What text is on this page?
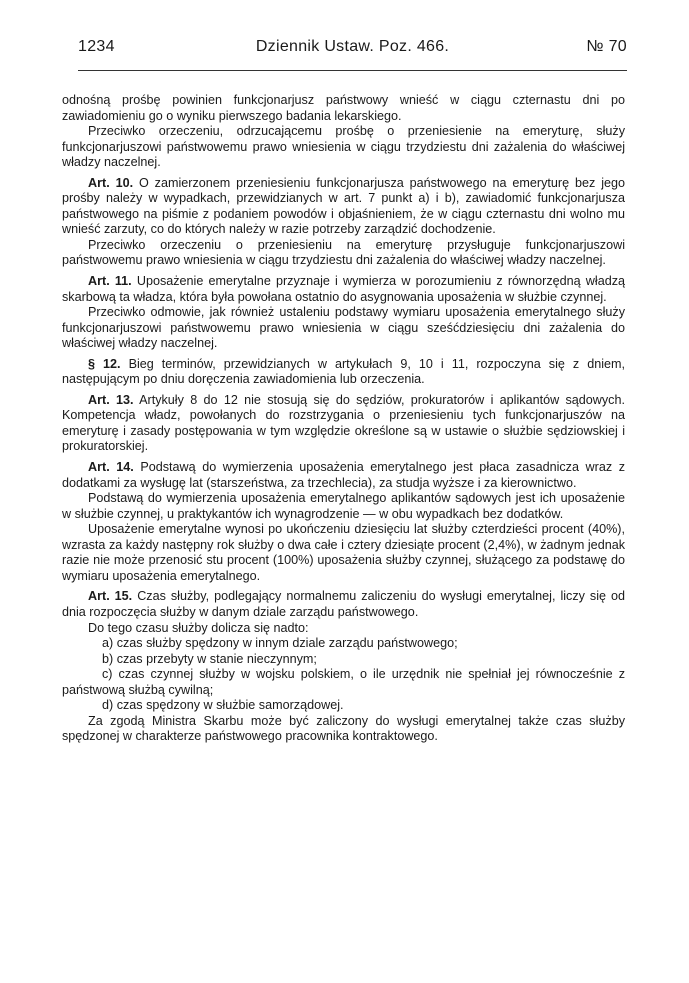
1234	Dziennik Ustaw. Poz. 466.	№ 70

odnośną prośbę powinien funkcjonarjusz państwowy wnieść w ciągu czternastu dni po zawiadomieniu go o wyniku pierwszego badania lekarskiego.

Przeciwko orzeczeniu, odrzucającemu prośbę o przeniesienie na emeryturę, służy funkcjonarjuszowi państwowemu prawo wniesienia w ciągu trzydziestu dni zażalenia do właściwej władzy naczelnej.

Art. 10. O zamierzonem przeniesieniu funkcjonarjusza państwowego na emeryturę bez jego prośby należy w wypadkach, przewidzianych w art. 7 punkt a) i b), zawiadomić funkcjonarjusza państwowego na piśmie z podaniem powodów i objaśnieniem, że w ciągu czternastu dni wolno mu wnieść zarzuty, co do których należy w razie potrzeby zarządzić dochodzenie.

Przeciwko orzeczeniu o przeniesieniu na emeryturę przysługuje funkcjonarjuszowi państwowemu prawo wniesienia w ciągu trzydziestu dni zażalenia do właściwej władzy naczelnej.

Art. 11. Uposażenie emerytalne przyznaje i wymierza w porozumieniu z równorzędną władzą skarbową ta władza, która była powołana ostatnio do asygnowania uposażenia w służbie czynnej.

Przeciwko odmowie, jak również ustaleniu podstawy wymiaru uposażenia emerytalnego służy funkcjonarjuszowi państwowemu prawo wniesienia w ciągu sześćdziesięciu dni zażalenia do właściwej władzy naczelnej.

§ 12. Bieg terminów, przewidzianych w artykułach 9, 10 i 11, rozpoczyna się z dniem, następującym po dniu doręczenia zawiadomienia lub orzeczenia.

Art. 13. Artykuły 8 do 12 nie stosują się do sędziów, prokuratorów i aplikantów sądowych. Kompetencja władz, powołanych do rozstrzygania o przeniesieniu tych funkcjonarjuszów na emeryturę i zasady postępowania w tym względzie określone są w ustawie o służbie sędziowskiej i prokuratorskiej.

Art. 14. Podstawą do wymierzenia uposażenia emerytalnego jest płaca zasadnicza wraz z dodatkami za wysługę lat (starszeństwa, za trzechlecia), za studja wyższe i za kierownictwo.

Podstawą do wymierzenia uposażenia emerytalnego aplikantów sądowych jest ich uposażenie w służbie czynnej, u praktykantów ich wynagrodzenie — w obu wypadkach bez dodatków.

Uposażenie emerytalne wynosi po ukończeniu dziesięciu lat służby czterdzieści procent (40%), wzrasta za każdy następny rok służby o dwa całe i cztery dziesiąte procent (2,4%), w żadnym jednak razie nie może przenosić stu procent (100%) uposażenia służby czynnej, służącego za podstawę do wymiaru uposażenia emerytalnego.

Art. 15. Czas służby, podlegający normalnemu zaliczeniu do wysługi emerytalnej, liczy się od dnia rozpoczęcia służby w danym dziale zarządu państwowego.

Do tego czasu służby dolicza się nadto:

a) czas służby spędzony w innym dziale zarządu państwowego;

b) czas przebyty w stanie nieczynnym;

c) czas czynnej służby w wojsku polskiem, o ile urzędnik nie spełniał jej równocześnie z państwową służbą cywilną;

d) czas spędzony w służbie samorządowej.

Za zgodą Ministra Skarbu może być zaliczony do wysługi emerytalnej także czas służby spędzonej w charakterze państwowego pracownika kontraktowego.
